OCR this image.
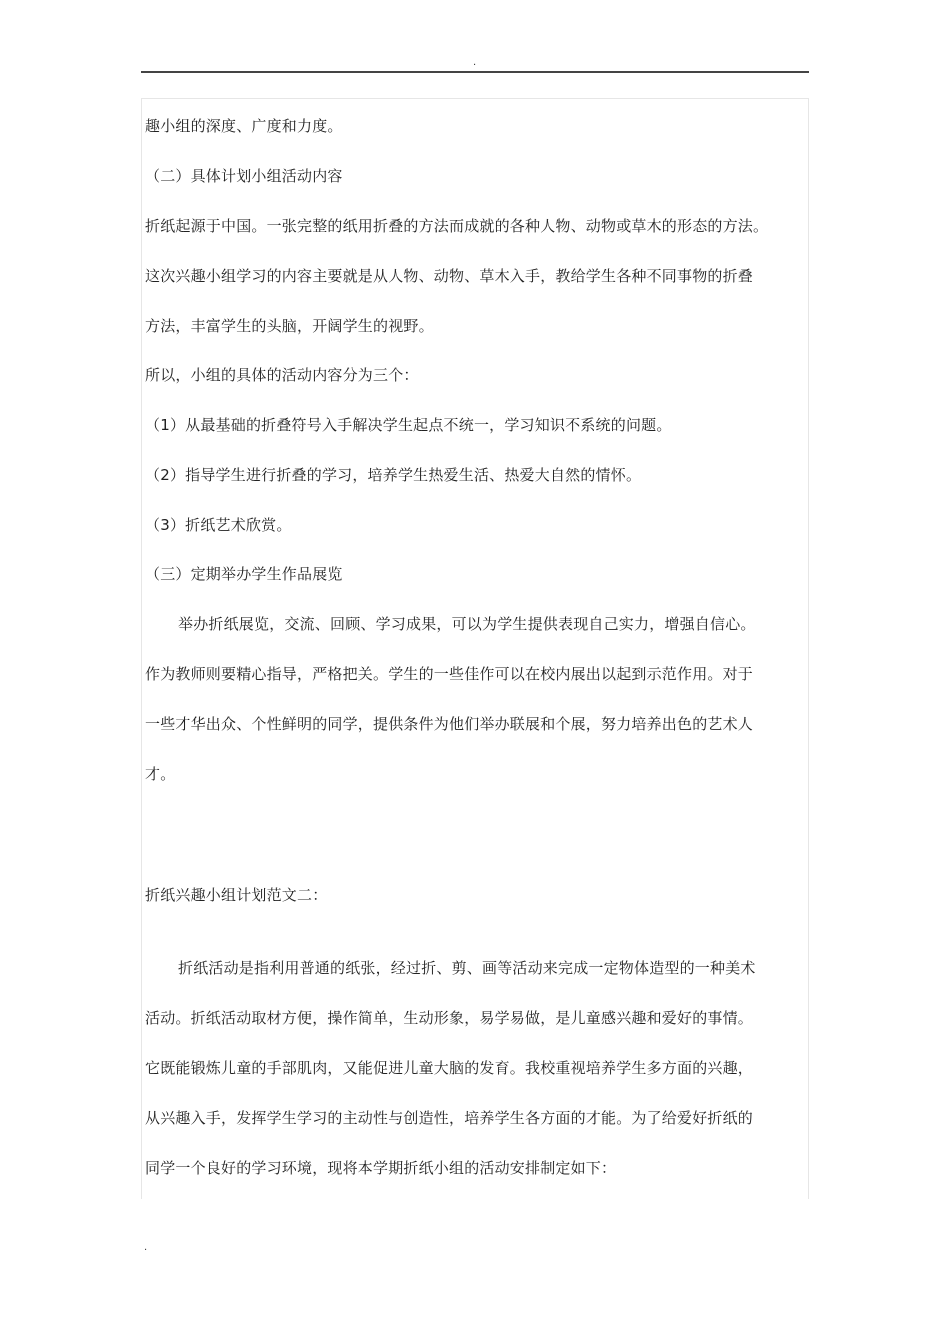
.
趣小组的深度、广度和力度。
（二）具体计划小组活动内容
折纸起源于中国。一张完整的纸用折叠的方法而成就的各种人物、动物或草木的形态的方法。
这次兴趣小组学习的内容主要就是从人物、动物、草木入手，教给学生各种不同事物的折叠
方法，丰富学生的头脑，开阔学生的视野。
所以，小组的具体的活动内容分为三个：
（1）从最基础的折叠符号入手解决学生起点不统一，学习知识不系统的问题。
（2）指导学生进行折叠的学习，培养学生热爱生活、热爱大自然的情怀。
（3）折纸艺术欣赏。
（三）定期举办学生作品展览
举办折纸展览，交流、回顾、学习成果，可以为学生提供表现自己实力，增强自信心。
作为教师则要精心指导，严格把关。学生的一些佳作可以在校内展出以起到示范作用。对于
一些才华出众、个性鲜明的同学，提供条件为他们举办联展和个展，努力培养出色的艺术人
才。
折纸兴趣小组计划范文二：
折纸活动是指利用普通的纸张，经过折、剪、画等活动来完成一定物体造型的一种美术
活动。折纸活动取材方便，操作简单，生动形象，易学易做，是儿童感兴趣和爱好的事情。
它既能锻炼儿童的手部肌肉，又能促进儿童大脑的发育。我校重视培养学生多方面的兴趣，
从兴趣入手，发挥学生学习的主动性与创造性，培养学生各方面的才能。为了给爱好折纸的
同学一个良好的学习环境，现将本学期折纸小组的活动安排制定如下：
.
